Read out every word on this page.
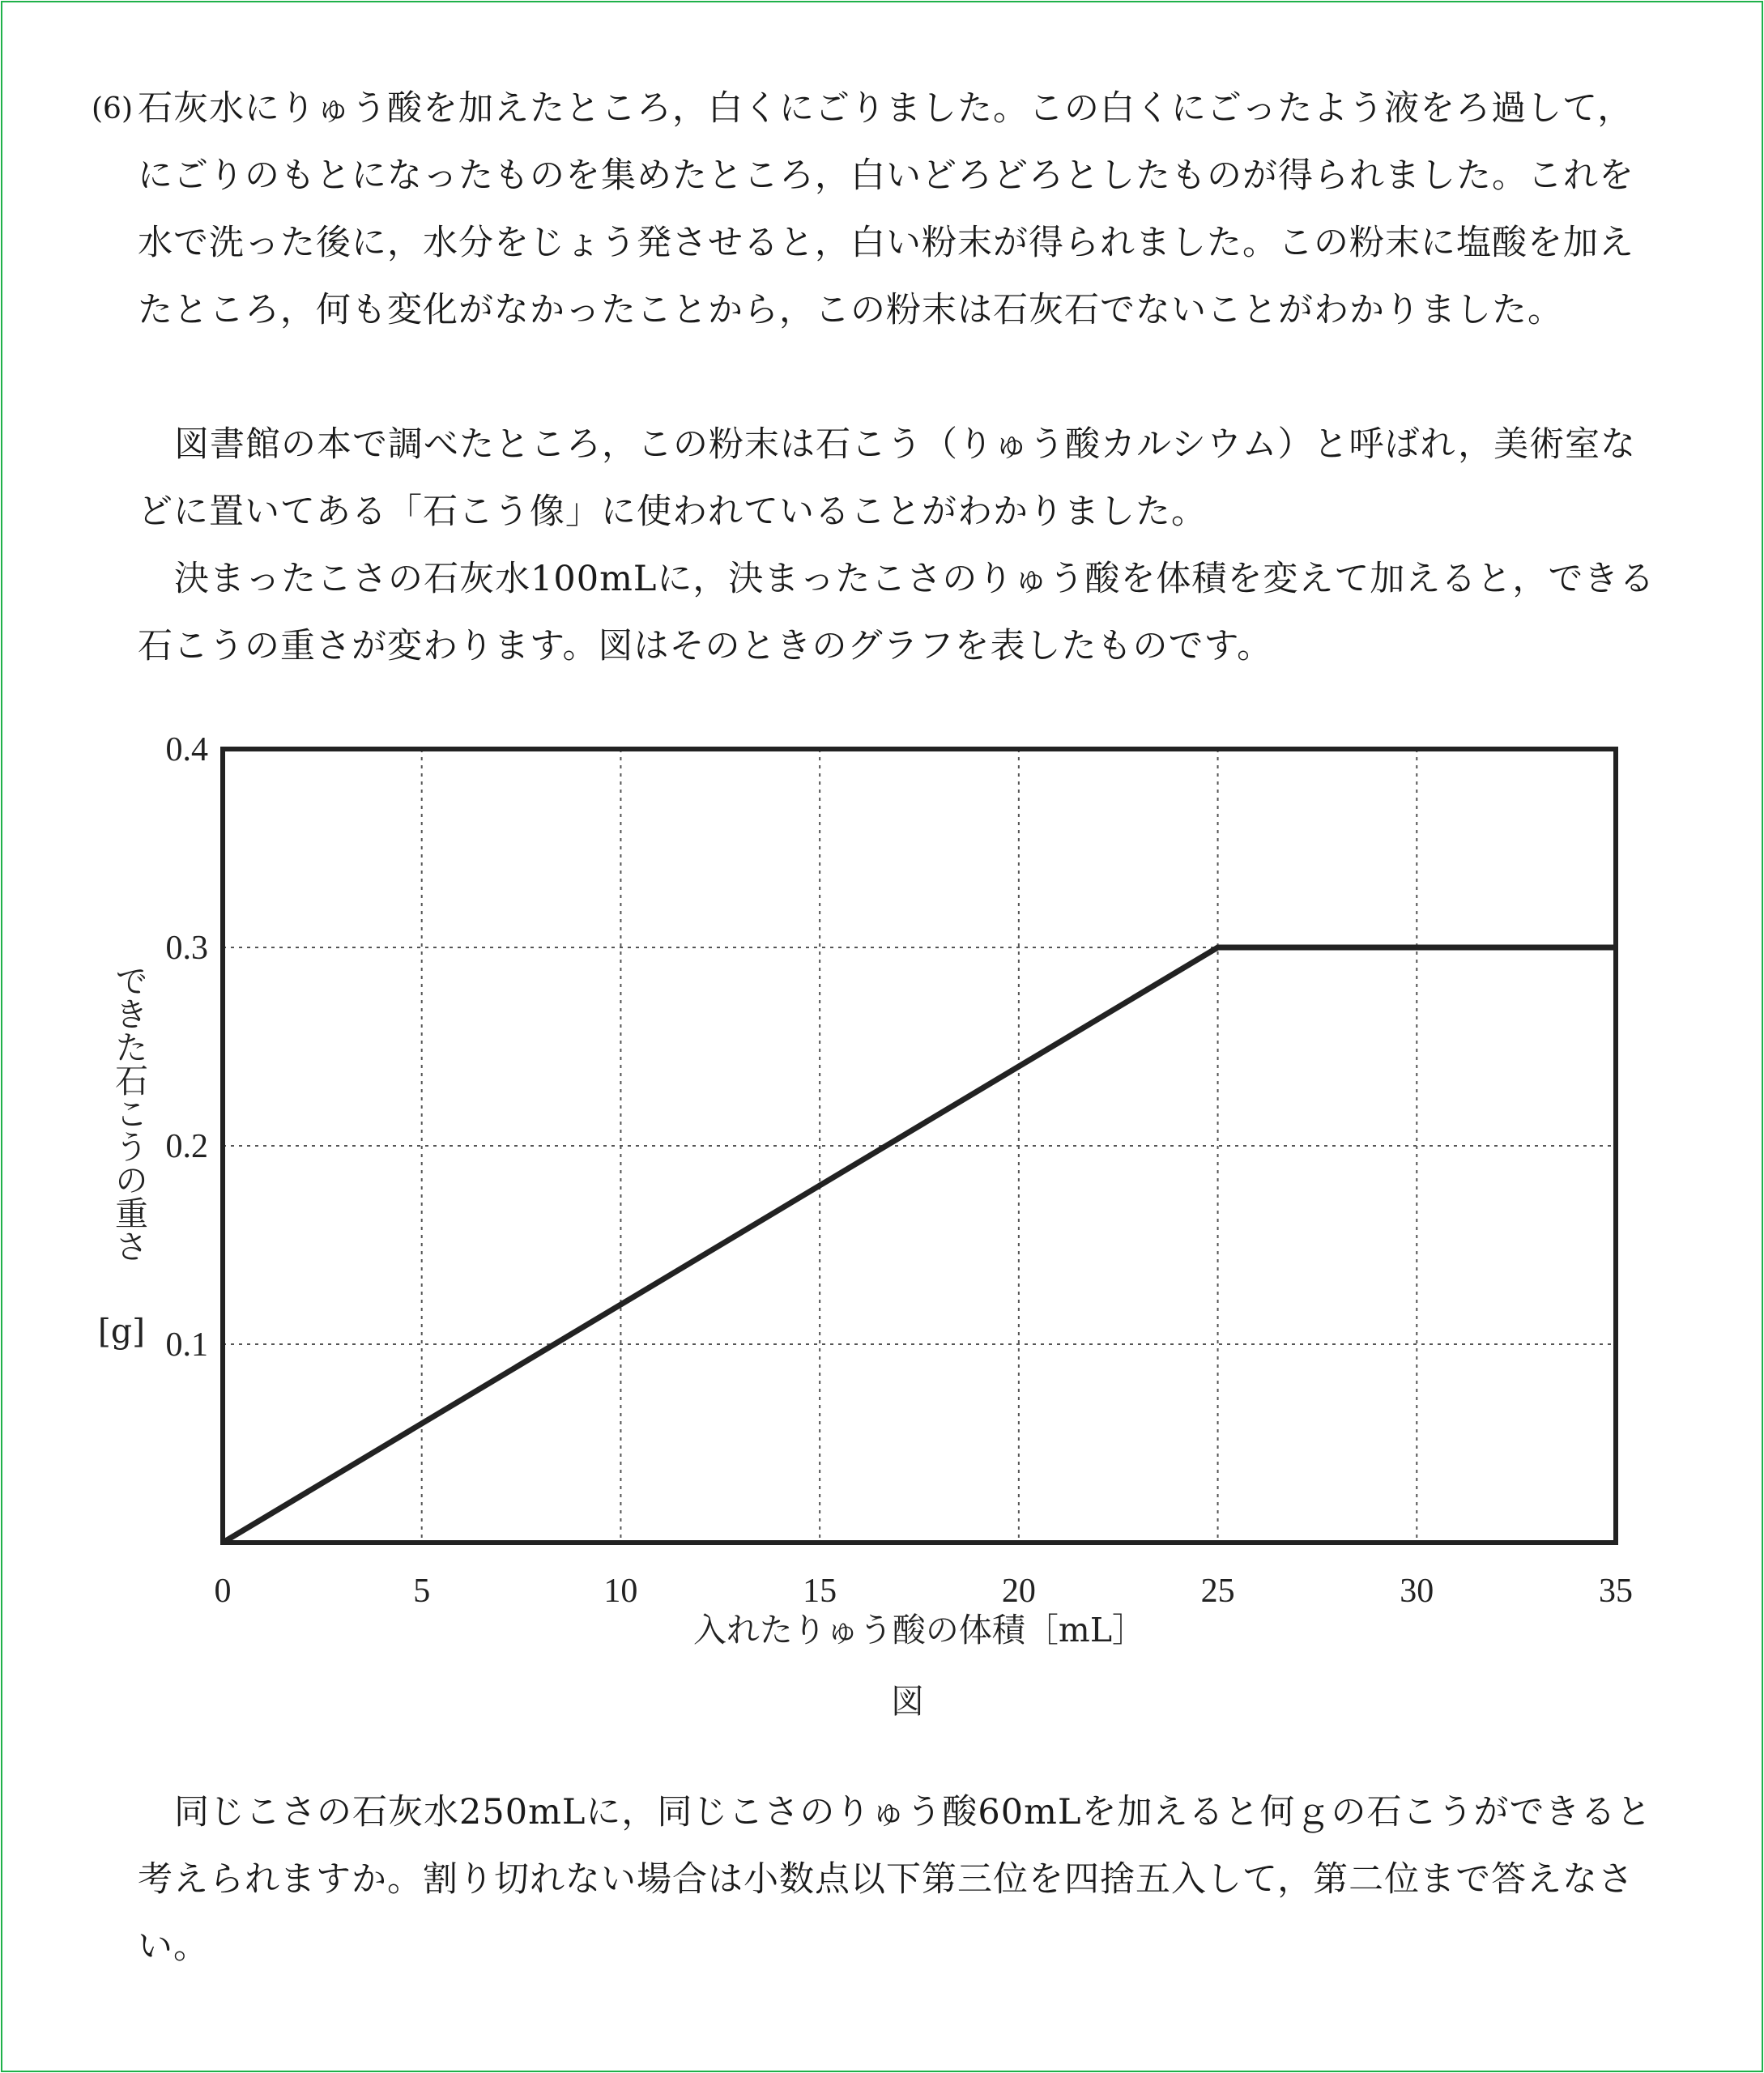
(6) 石灰水にりゅう酸を加えたところ，白くにごりました。この白くにごったよう液をろ過して，にごりのもとになったものを集めたところ，白いどろどろとしたものが得られました。これを水で洗った後に，水分をじょう発させると，白い粉末が得られました。この粉末に塩酸を加えたところ，何も変化がなかったことから，この粉末は石灰石でないことがわかりました。

図書館の本で調べたところ，この粉末は石こう（りゅう酸カルシウム）と呼ばれ，美術室などに置いてある「石こう像」に使われていることがわかりました。

決まったこさの石灰水100mLに，決まったこさのりゅう酸を体積を変えて加えると，できる石こうの重さが変わります。図はそのときのグラフを表したものです。

0	5	10	15	20	25	30	35
0.1
0.2
0.3
0.4
入れたりゅう酸の体積［mL］
できた石こうの重さ
[g]

図

同じこさの石灰水250mLに，同じこさのりゅう酸60mLを加えると何ｇの石こうができると考えられますか。割り切れない場合は小数点以下第三位を四捨五入して，第二位まで答えなさい。
